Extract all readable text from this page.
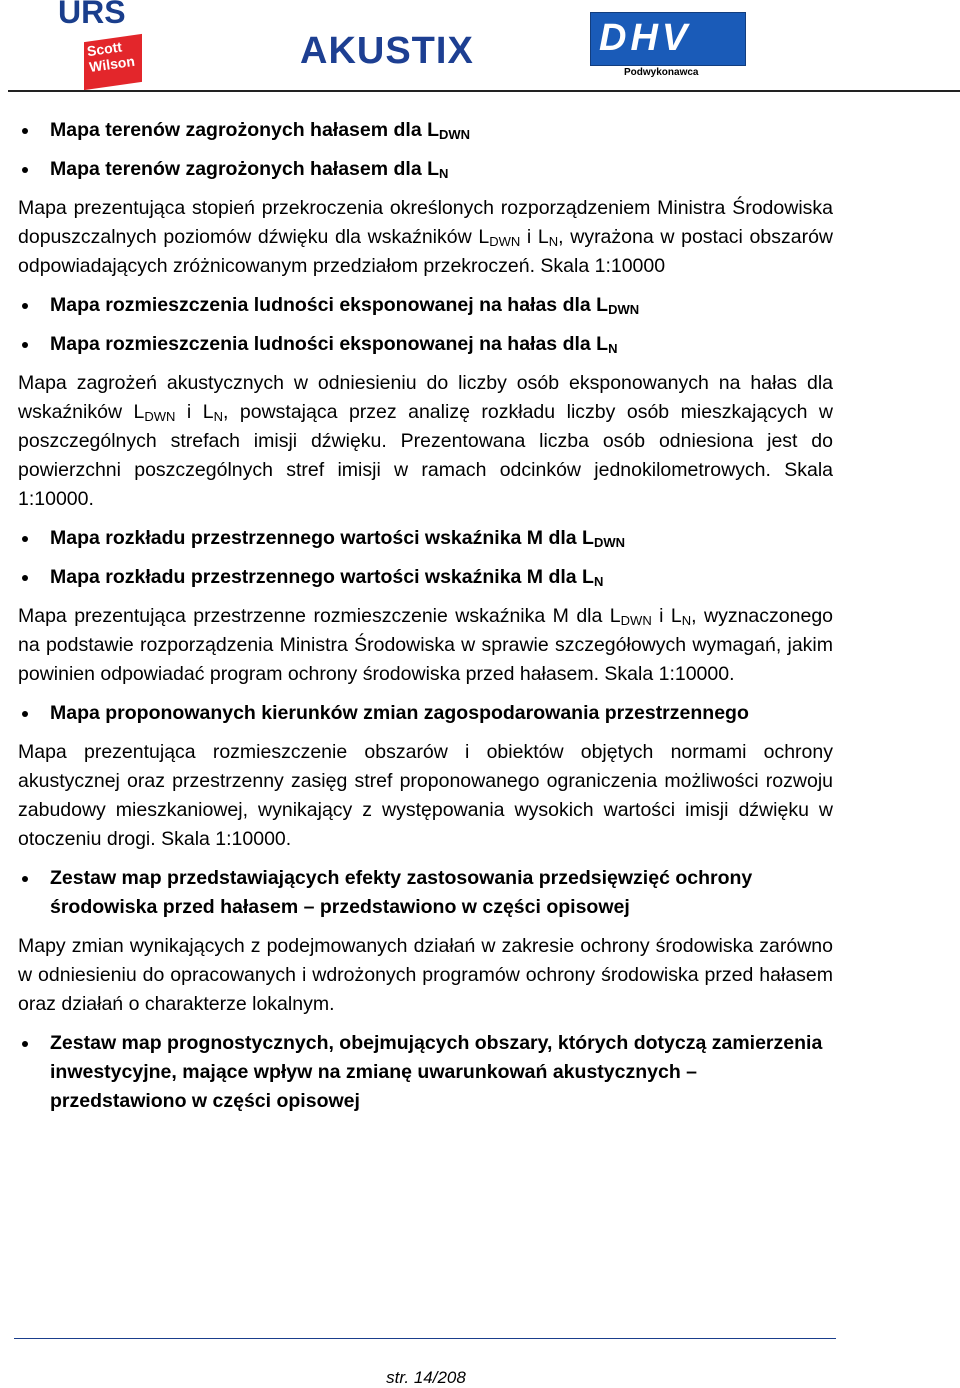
URS
Scott
Wilson	AKUSTIX	DHV
Podwykonawca
Mapa terenów zagrożonych hałasem dla $L_{DWN}$
Mapa terenów zagrożonych hałasem dla $L_N$
Mapa prezentująca stopień przekroczenia określonych rozporządzeniem Ministra Środowiska dopuszczalnych poziomów dźwięku dla wskaźników $L_{DWN}$ i $L_N$, wyrażona w postaci obszarów odpowiadających zróżnicowanym przedziałom przekroczeń. Skala 1:10000
Mapa rozmieszczenia ludności eksponowanej na hałas dla $L_{DWN}$
Mapa rozmieszczenia ludności eksponowanej na hałas dla $L_N$
Mapa zagrożeń akustycznych w odniesieniu do liczby osób eksponowanych na hałas dla wskaźników $L_{DWN}$ i $L_N$, powstająca przez analizę rozkładu liczby osób mieszkających w poszczególnych strefach imisji dźwięku. Prezentowana liczba osób odniesiona jest do powierzchni poszczególnych stref imisji w ramach odcinków jednokilometrowych. Skala 1:10000.
Mapa rozkładu przestrzennego wartości wskaźnika M dla $L_{DWN}$
Mapa rozkładu przestrzennego wartości wskaźnika M dla $L_N$
Mapa prezentująca przestrzenne rozmieszczenie wskaźnika M dla $L_{DWN}$ i $L_N$, wyznaczonego na podstawie rozporządzenia Ministra Środowiska w sprawie szczegółowych wymagań, jakim powinien odpowiadać program ochrony środowiska przed hałasem. Skala 1:10000.
Mapa proponowanych kierunków zmian zagospodarowania przestrzennego
Mapa prezentująca rozmieszczenie obszarów i obiektów objętych normami ochrony akustycznej oraz przestrzenny zasięg stref proponowanego ograniczenia możliwości rozwoju zabudowy mieszkaniowej, wynikający z występowania wysokich wartości imisji dźwięku w otoczeniu drogi. Skala 1:10000.
Zestaw map przedstawiających efekty zastosowania przedsięwzięć ochrony środowiska przed hałasem – przedstawiono w części opisowej
Mapy zmian wynikających z podejmowanych działań w zakresie ochrony środowiska zarówno w odniesieniu do opracowanych i wdrożonych programów ochrony środowiska przed hałasem oraz działań o charakterze lokalnym.
Zestaw map prognostycznych, obejmujących obszary, których dotyczą zamierzenia inwestycyjne, mające wpływ na zmianę uwarunkowań akustycznych – przedstawiono w części opisowej
str. 14/208
